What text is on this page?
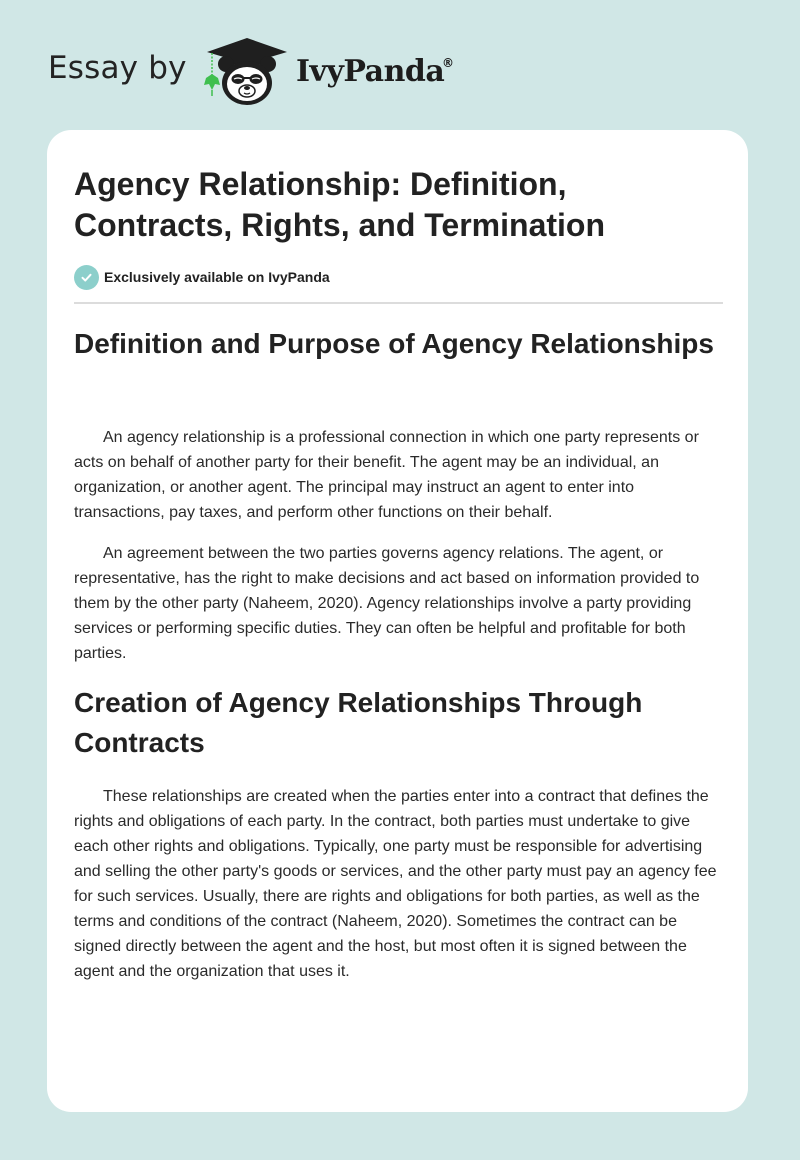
Essay by	IvyPanda
®
Agency Relationship: Definition, Contracts, Rights, and Termination
Exclusively available on IvyPanda
Definition and Purpose of Agency Relationships

An agency relationship is a professional connection in which one party represents or acts on behalf of another party for their benefit. The agent may be an individual, an organization, or another agent. The principal may instruct an agent to enter into transactions, pay taxes, and perform other functions on their behalf.

An agreement between the two parties governs agency relations. The agent, or representative, has the right to make decisions and act based on information provided to them by the other party (Naheem, 2020). Agency relationships involve a party providing services or performing specific duties. They can often be helpful and profitable for both parties.

Creation of Agency Relationships Through Contracts

These relationships are created when the parties enter into a contract that defines the rights and obligations of each party. In the contract, both parties must undertake to give each other rights and obligations. Typically, one party must be responsible for advertising and selling the other party's goods or services, and the other party must pay an agency fee for such services. Usually, there are rights and obligations for both parties, as well as the terms and conditions of the contract (Naheem, 2020). Sometimes the contract can be signed directly between the agent and the host, but most often it is signed between the agent and the organization that uses it.
